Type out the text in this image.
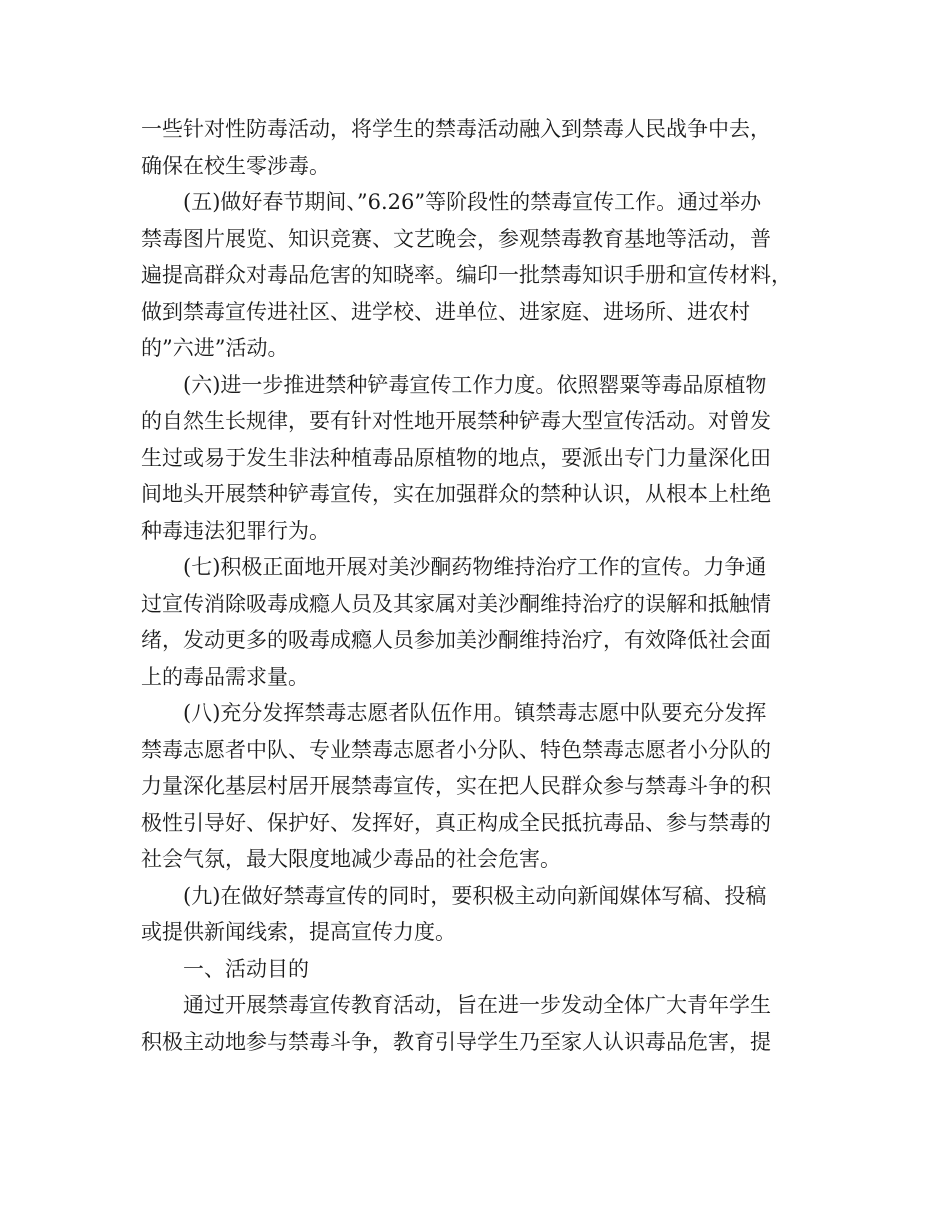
一些针对性防毒活动，将学生的禁毒活动融入到禁毒人民战争中去，
确保在校生零涉毒。

(五)做好春节期间、”6.26”等阶段性的禁毒宣传工作。通过举办
禁毒图片展览、知识竞赛、文艺晚会，参观禁毒教育基地等活动，普
遍提高群众对毒品危害的知晓率。编印一批禁毒知识手册和宣传材料，
做到禁毒宣传进社区、进学校、进单位、进家庭、进场所、进农村
的”六进”活动。

(六)进一步推进禁种铲毒宣传工作力度。依照罂粟等毒品原植物
的自然生长规律，要有针对性地开展禁种铲毒大型宣传活动。对曾发
生过或易于发生非法种植毒品原植物的地点，要派出专门力量深化田
间地头开展禁种铲毒宣传，实在加强群众的禁种认识，从根本上杜绝
种毒违法犯罪行为。

(七)积极正面地开展对美沙酮药物维持治疗工作的宣传。力争通
过宣传消除吸毒成瘾人员及其家属对美沙酮维持治疗的误解和抵触情
绪，发动更多的吸毒成瘾人员参加美沙酮维持治疗，有效降低社会面
上的毒品需求量。

(八)充分发挥禁毒志愿者队伍作用。镇禁毒志愿中队要充分发挥
禁毒志愿者中队、专业禁毒志愿者小分队、特色禁毒志愿者小分队的
力量深化基层村居开展禁毒宣传，实在把人民群众参与禁毒斗争的积
极性引导好、保护好、发挥好，真正构成全民抵抗毒品、参与禁毒的
社会气氛，最大限度地减少毒品的社会危害。

(九)在做好禁毒宣传的同时，要积极主动向新闻媒体写稿、投稿
或提供新闻线索，提高宣传力度。

一、活动目的

通过开展禁毒宣传教育活动，旨在进一步发动全体广大青年学生
积极主动地参与禁毒斗争，教育引导学生乃至家人认识毒品危害，提
